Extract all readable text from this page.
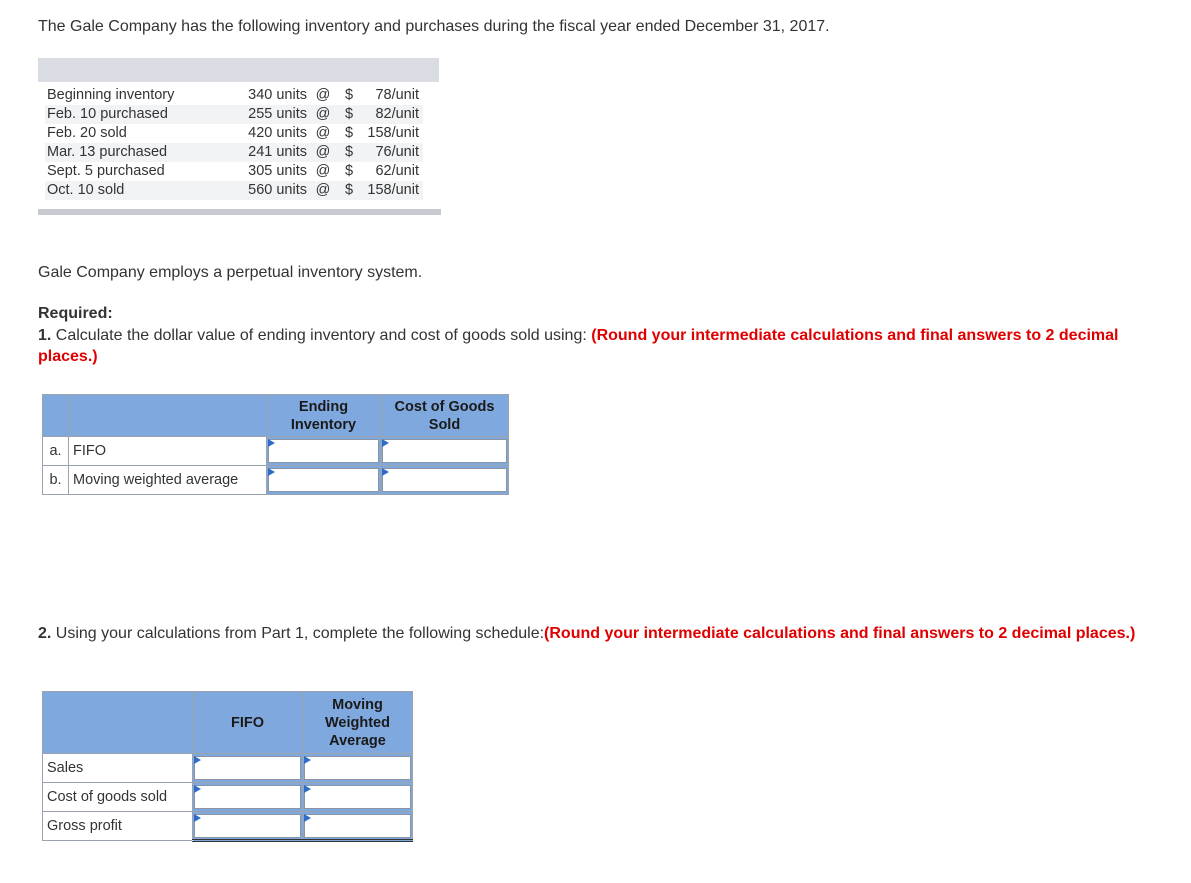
The Gale Company has the following inventory and purchases during the fiscal year ended December 31, 2017.
Beginning inventory	340 units	@	$	78/unit
Feb. 10 purchased	255 units	@	$	82/unit
Feb. 20 sold	420 units	@	$	158/unit
Mar. 13 purchased	241 units	@	$	76/unit
Sept. 5 purchased	305 units	@	$	62/unit
Oct. 10 sold	560 units	@	$	158/unit
Gale Company employs a perpetual inventory system.
Required:
1. Calculate the dollar value of ending inventory and cost of goods sold using: (Round your intermediate calculations and final answers to 2 decimal places.)
		Ending Inventory	Cost of Goods Sold
a.	FIFO	

b.	Moving weighted average	

2. Using your calculations from Part 1, complete the following schedule:(Round your intermediate calculations and final answers to 2 decimal places.)
	FIFO	Moving Weighted Average
Sales	

Cost of goods sold	

Gross profit	
